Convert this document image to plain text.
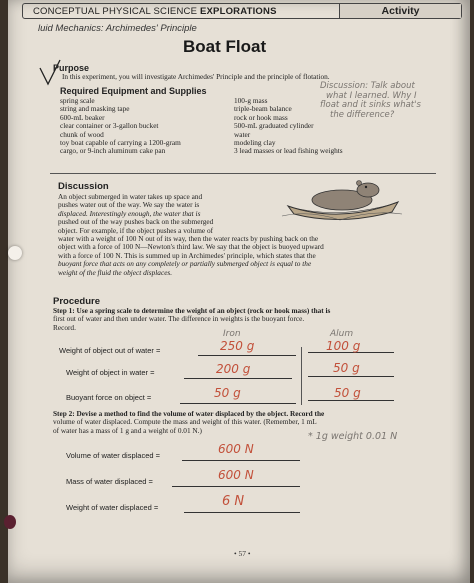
CONCEPTUAL PHYSICAL SCIENCE EXPLORATIONS	Activity
luid Mechanics: Archimedes' Principle
Boat Float
Purpose
In this experiment, you will investigate Archimedes' Principle and the principle of flotation.
Required Equipment and Supplies
spring scale
string and masking tape
600-mL beaker
clear container or 3-gallon bucket
chunk of wood
toy boat capable of carrying a 1200-gram
cargo, or 9-inch aluminum cake pan
100-g mass
triple-beam balance
rock or hook mass
500-mL graduated cylinder
water
modeling clay
3 lead masses or lead fishing weights
Discussion: Talk about
what I learned. Why I
float and it sinks what's
the difference?
Discussion
An object submerged in water takes up space and
pushes water out of the way. We say the water is
displaced. Interestingly enough, the water that is
pushed out of the way pushes back on the submerged
object. For example, if the object pushes a volume of
water with a weight of 100 N out of its way, then the water reacts by pushing back on the
object with a force of 100 N—Newton's third law. We say that the object is buoyed upward
with a force of 100 N. This is summed up in Archimedes' principle, which states that the
buoyant force that acts on any completely or partially submerged object is equal to the
weight of the fluid the object displaces.
Procedure
Step 1: Use a spring scale to determine the weight of an object (rock or hook mass) that is
first out of water and then under water. The difference in weights is the buoyant force.
Record.
Iron	Alum
Weight of object out of water =	250 g	100 g
Weight of object in water =	200 g	50 g
Buoyant force on object =	50 g	50 g
Step 2: Devise a method to find the volume of water displaced by the object. Record the
volume of water displaced. Compute the mass and weight of this water. (Remember, 1 mL
of water has a mass of 1 g and a weight of 0.01 N.)
* 1g weight 0.01 N
Volume of water displaced =	600 N
Mass of water displaced =	600 N
Weight of water displaced =	6 N
• 57 •
